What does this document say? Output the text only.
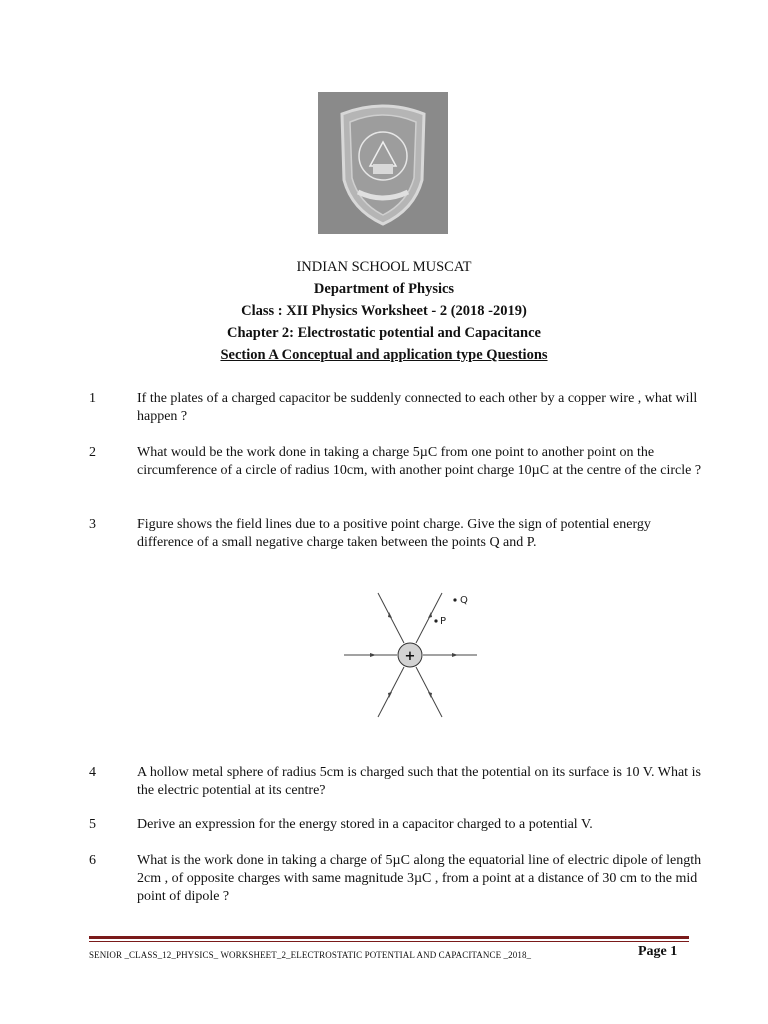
INDIAN SCHOOL MUSCAT
Department of Physics
Class : XII Physics Worksheet - 2 (2018 -2019)
Chapter 2: Electrostatic potential and Capacitance
Section A Conceptual and application type Questions
1	If the plates of a charged capacitor be suddenly connected to each other by a copper wire , what will happen ?
2	What would be the work done in taking a charge 5µC from one point to another point on the circumference of a circle of radius 10cm, with another point charge 10µC at the centre of the circle ?
3	Figure shows the field lines due to a positive point charge. Give the sign of potential energy difference of a small negative charge taken between the points Q and P.
+
Q
P
4	A hollow metal sphere of radius 5cm is charged such that the potential on its surface is 10 V. What is the electric potential at its centre?
5	Derive an expression for the energy stored in a capacitor charged to a potential V.
6	What is the work done in taking a charge of 5µC along the equatorial line of electric dipole of length 2cm , of opposite charges with same magnitude 3µC , from a point at a distance of 30 cm to the mid point of dipole ?
SENIOR _CLASS_12_PHYSICS_ WORKSHEET_2_ELECTROSTATIC POTENTIAL AND CAPACITANCE _2018_	Page 1
